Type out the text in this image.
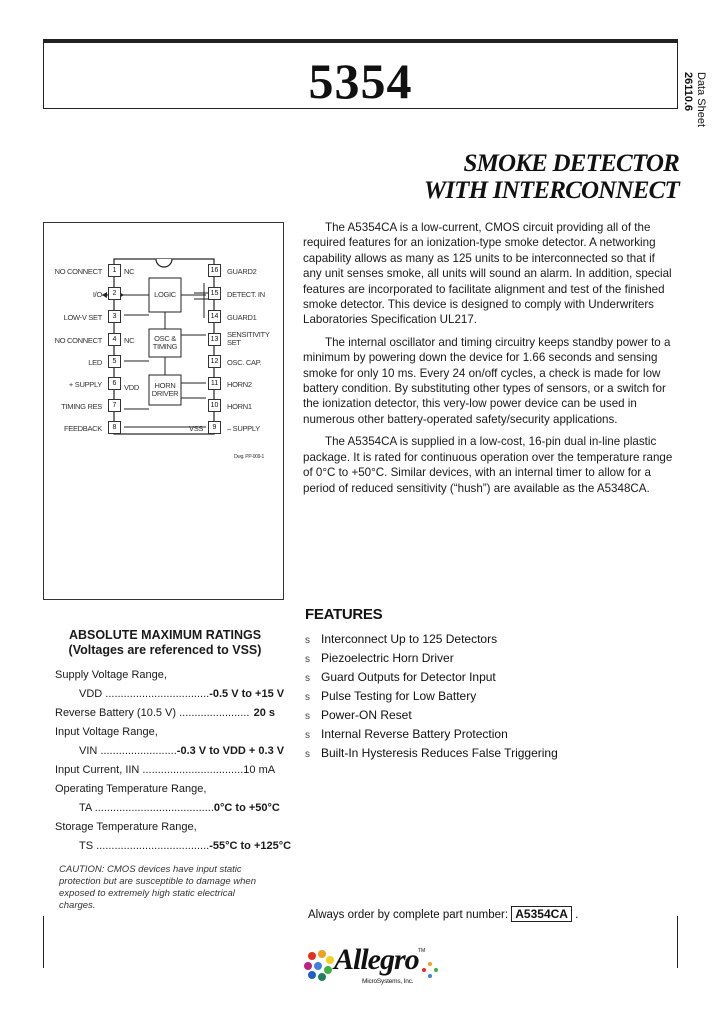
5354	Data Sheet
26110.6
SMOKE DETECTOR
WITH INTERCONNECT

The A5354CA is a low-current, CMOS circuit providing all of the required features for an ionization-type smoke detector. A networking capability allows as many as 125 units to be interconnected so that if any unit senses smoke, all units will sound an alarm. In addition, special features are incorporated to facilitate alignment and test of the finished smoke detector. This device is designed to comply with Underwriters Laboratories Specification UL217.

The internal oscillator and timing circuitry keeps standby power to a minimum by powering down the device for 1.66 seconds and sensing smoke for only 10 ms. Every 24 on/off cycles, a check is made for low battery condition. By substituting other types of sensors, or a switch for the ionization detector, this very-low power device can be used in numerous other battery-operated safety/security applications.

The A5354CA is supplied in a low-cost, 16-pin dual in-line plastic package. It is rated for continuous operation over the temperature range of 0°C to +50°C. Similar devices, with an internal timer to allow for a period of reduced sensitivity (“hush”) are available as the A5348CA.

1
2
3
4
5
6
7
8
16
15
14
13
12
11
10
9
NO CONNECT
I/O
LOW-V SET
NO CONNECT
LED
+ SUPPLY
TIMING RES
FEEDBACK
NC
NC
GUARD2
DETECT. IN
GUARD1
SENSITIVITY SET
OSC. CAP.
HORN2
HORN1
– SUPPLY
LOGIC
OSC & TIMING
HORN DRIVER
VDD
VSS
Dwg. PP-009-1
ABSOLUTE MAXIMUM RATINGS
(Voltages are referenced to VSS)
Supply Voltage Range,
VDD .................................. -0.5 V to +15 V
Reverse Battery (10.5 V) ....................... 20 s
Input Voltage Range,
VIN ......................... -0.3 V to VDD + 0.3 V
Input Current, IIN ................................. 10 mA
Operating Temperature Range,
TA ....................................... 0°C to +50°C
Storage Temperature Range,
TS ..................................... -55°C to +125°C
CAUTION: CMOS devices have input static protection but are susceptible to damage when exposed to extremely high static electrical charges.
FEATURES
s Interconnect Up to 125 Detectors
s Piezoelectric Horn Driver
s Guard Outputs for Detector Input
s Pulse Testing for Low Battery
s Power-ON Reset
s Internal Reverse Battery Protection
s Built-In Hysteresis Reduces False Triggering
Always order by complete part number: A5354CA .
Allegro TM
MicroSystems, Inc.
